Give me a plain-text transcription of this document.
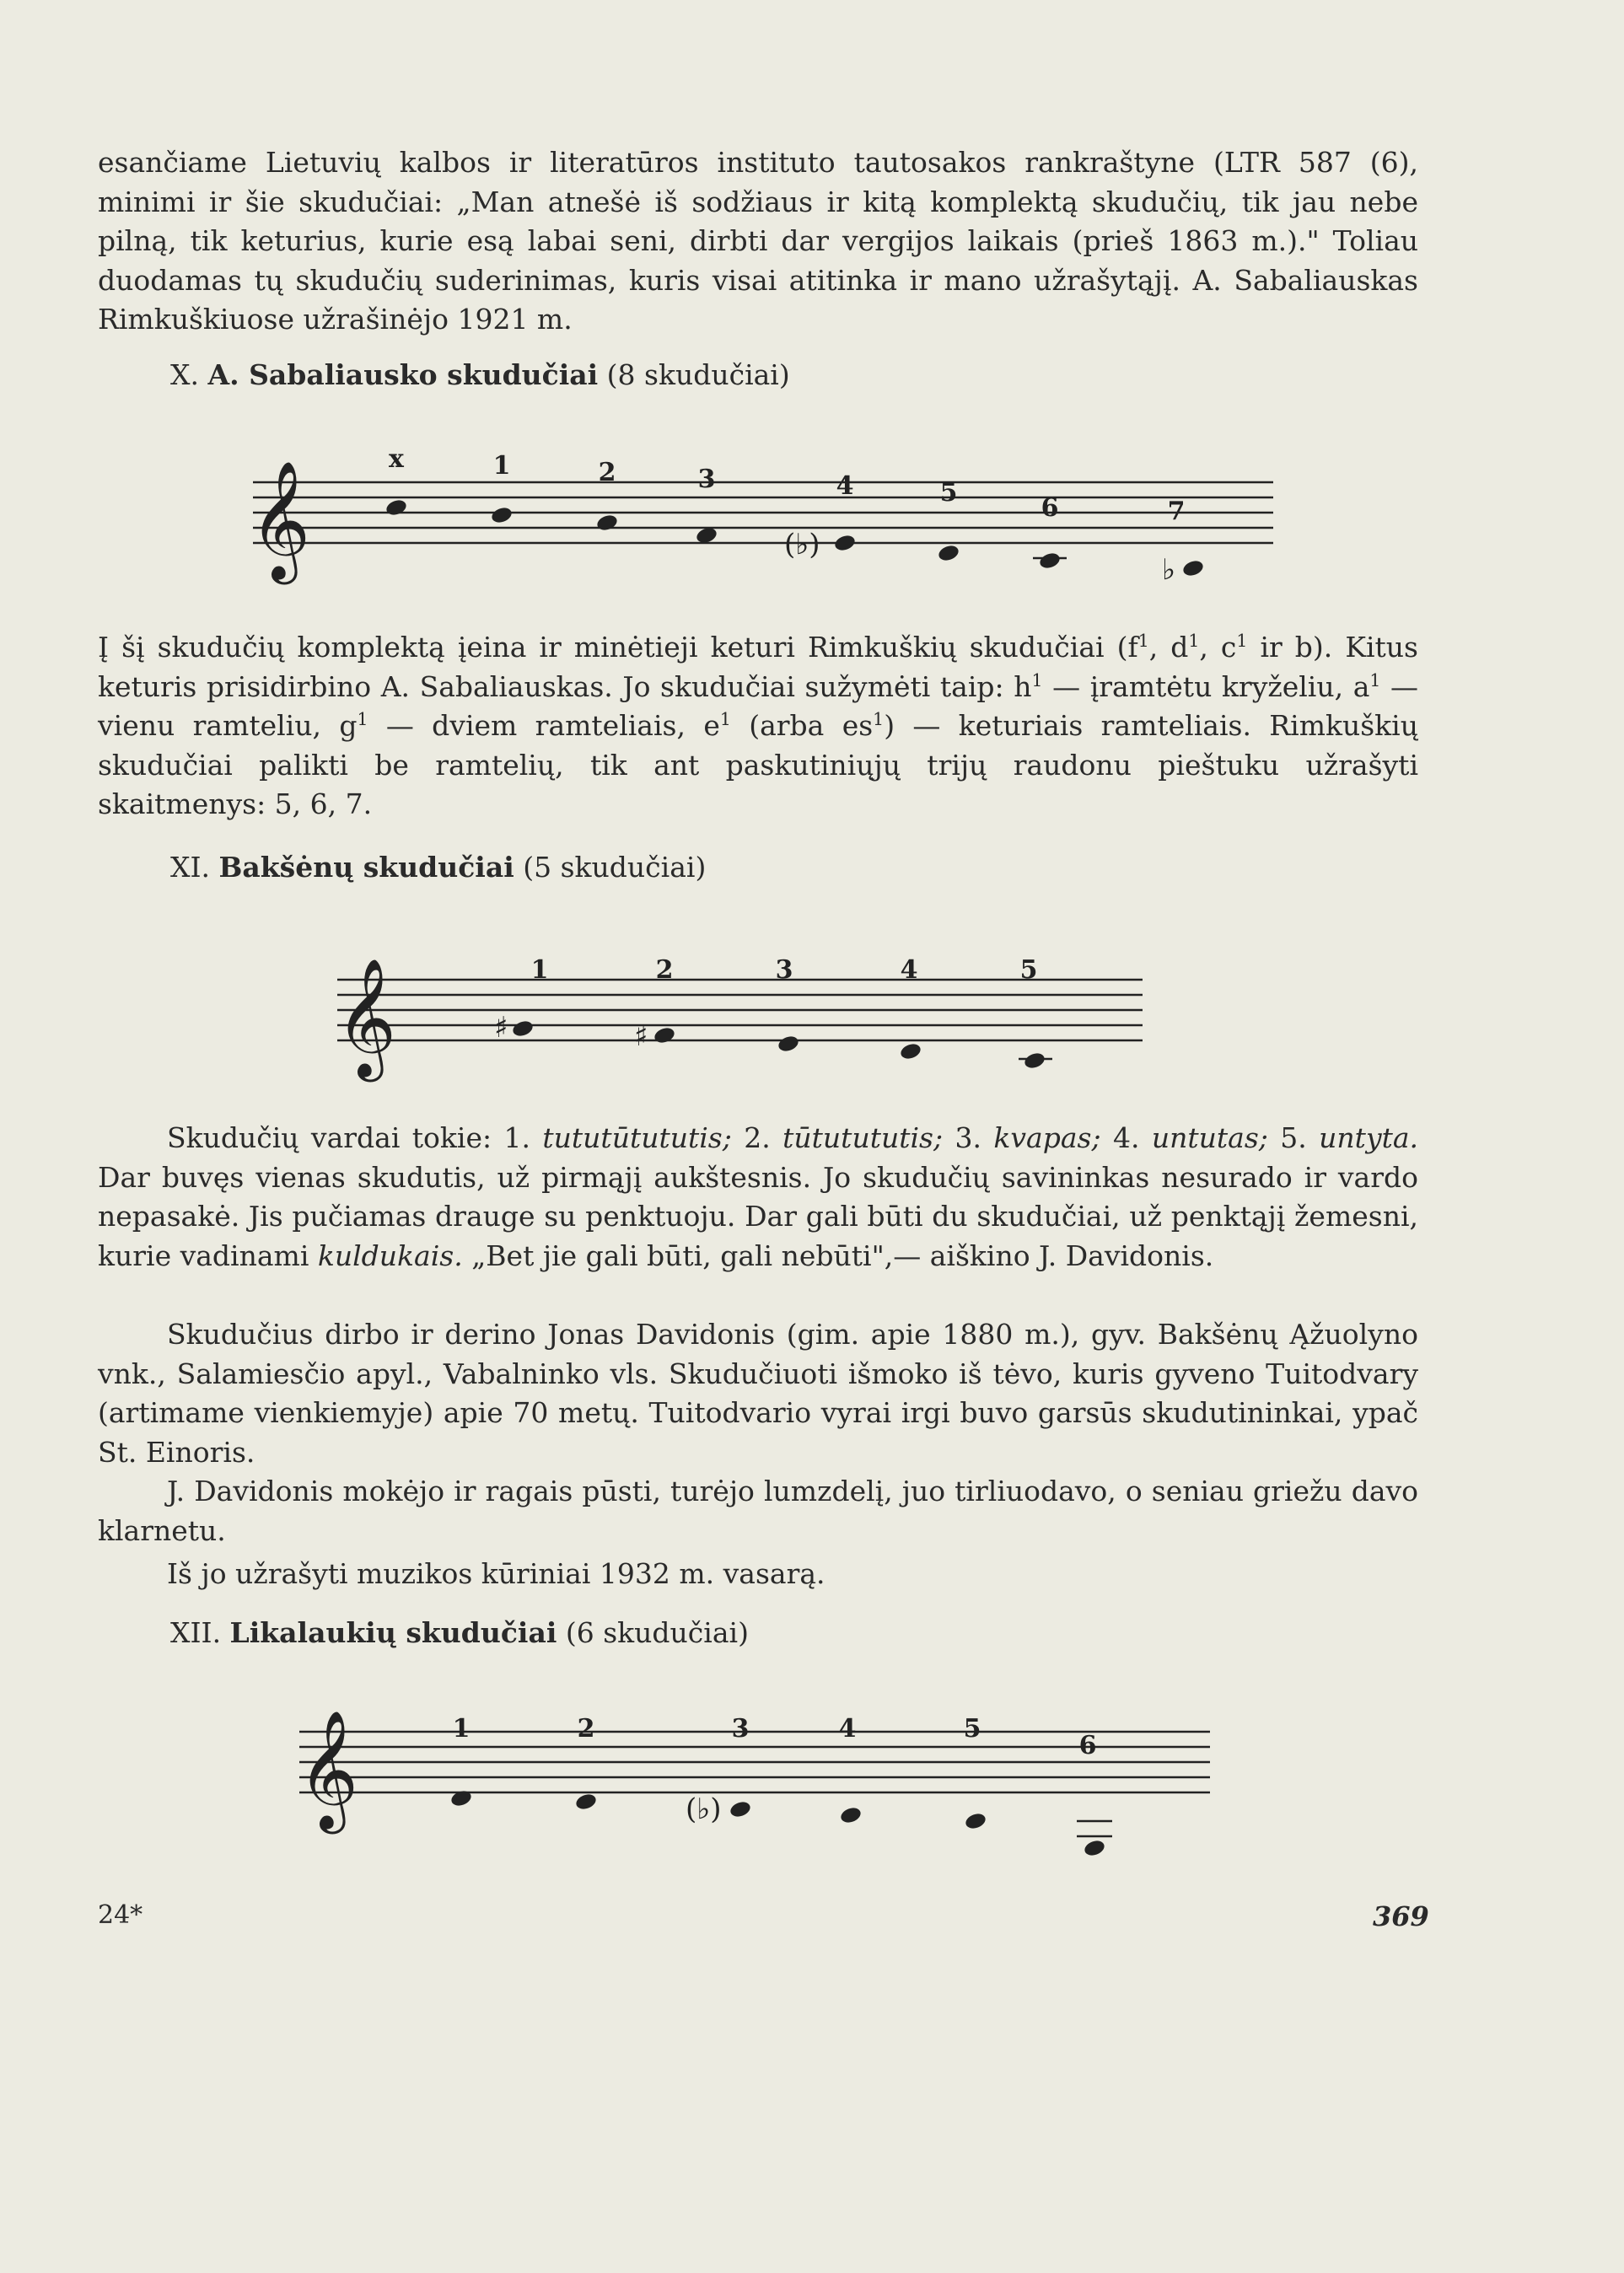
esančiame Lietuvių kalbos ir literatūros instituto tautosakos rankraštyne (LTR 587 (6), minimi ir šie skudučiai: „Man atnešė iš sodžiaus ir kitą komplektą skudučių, tik jau nebe pilną, tik keturius, kurie esą labai seni, dirbti dar vergijos laikais (prieš 1863 m.)." Toliau duodamas tų skudučių suderinimas, kuris visai atitinka ir mano užrašytąjį. A. Sabaliauskas Rimkuškiuose užrašinėjo 1921 m.

X. A. Sabaliausko skudučiai (8 skudučiai)

𝄞
x	1	2	3	4	5
6	7
(♭)
♭

Į šį skudučių komplektą įeina ir minėtieji keturi Rimkuškių skudučiai ($f^1$, $d^1$, $c^1$ ir b). Kitus keturis prisidirbino A. Sabaliauskas. Jo skudučiai sužymėti taip: $h^1$ — įramtėtu kryželiu, $a^1$ — vienu ramteliu, $g^1$ — dviem ramteliais, $e^1$ (arba $es^1$) — keturiais ramteliais. Rimkuškių skudučiai palikti be ramtelių, tik ant paskutiniųjų trijų raudonu pieštuku užrašyti skaitmenys: 5, 6, 7.

XI. Bakšėnų skudučiai (5 skudučiai)

𝄞	1	2	3	4	5
♯	♯

Skudučių vardai tokie: 1. tututūtututis; 2. tūtutututis; 3. kvapas; 4. untutas; 5. untyta. Dar buvęs vienas skudutis, už pirmąjį aukštesnis. Jo skudučių savininkas nesurado ir vardo nepasakė. Jis pučiamas drauge su penktuoju. Dar gali būti du skudučiai, už penktąjį žemesni, kurie vadinami kuldukais. „Bet jie gali būti, gali nebūti",— aiškino J. Davidonis.

Skudučius dirbo ir derino Jonas Davidonis (gim. apie 1880 m.), gyv. Bakšėnų Ąžuolyno vnk., Salamiesčio apyl., Vabalninko vls. Skudučiuoti išmoko iš tėvo, kuris gyveno Tuitodvary (artimame vienkiemyje) apie 70 metų. Tuitodvario vyrai irgi buvo garsūs skudutininkai, ypač St. Einoris.

J. Davidonis mokėjo ir ragais pūsti, turėjo lumzdelį, juo tirliuodavo, o seniau griežu davo klarnetu.

Iš jo užrašyti muzikos kūriniai 1932 m. vasarą.

XII. Likalaukių skudučiai (6 skudučiai)

𝄞	1	2	3	4	5
6
(♭)
24*	369
